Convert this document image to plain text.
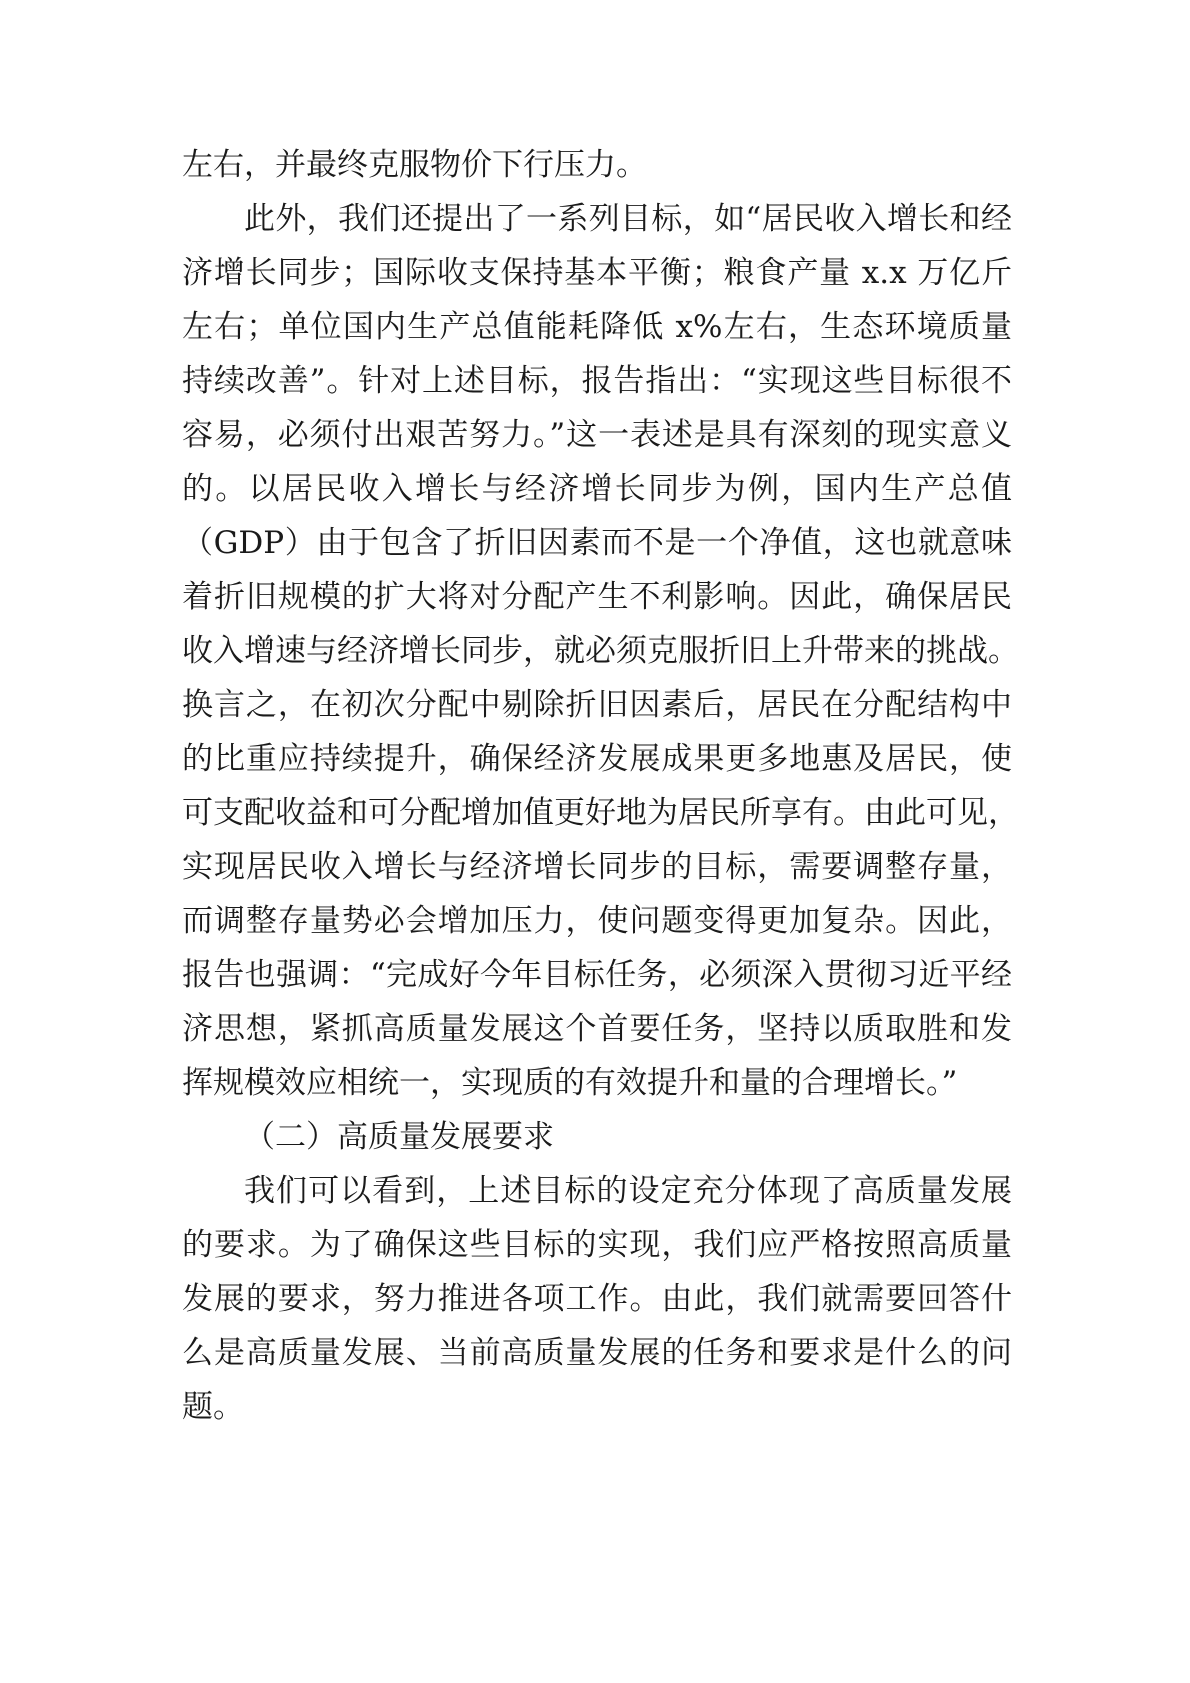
左右，并最终克服物价下行压力。

此外，我们还提出了一系列目标，如“居民收入增长和经

济增长同步；国际收支保持基本平衡；粮食产量 x.x 万亿斤

左右；单位国内生产总值能耗降低 x%左右，生态环境质量

持续改善”。针对上述目标，报告指出：“实现这些目标很不

容易，必须付出艰苦努力。”这一表述是具有深刻的现实意义

的。以居民收入增长与经济增长同步为例，国内生产总值

（GDP）由于包含了折旧因素而不是一个净值，这也就意味

着折旧规模的扩大将对分配产生不利影响。因此，确保居民

收入增速与经济增长同步，就必须克服折旧上升带来的挑战。

换言之，在初次分配中剔除折旧因素后，居民在分配结构中

的比重应持续提升，确保经济发展成果更多地惠及居民，使

可支配收益和可分配增加值更好地为居民所享有。由此可见，

实现居民收入增长与经济增长同步的目标，需要调整存量，

而调整存量势必会增加压力，使问题变得更加复杂。因此，

报告也强调：“完成好今年目标任务，必须深入贯彻习近平经

济思想，紧抓高质量发展这个首要任务，坚持以质取胜和发

挥规模效应相统一，实现质的有效提升和量的合理增长。”

（二）高质量发展要求

我们可以看到，上述目标的设定充分体现了高质量发展

的要求。为了确保这些目标的实现，我们应严格按照高质量

发展的要求，努力推进各项工作。由此，我们就需要回答什

么是高质量发展、当前高质量发展的任务和要求是什么的问

题。
